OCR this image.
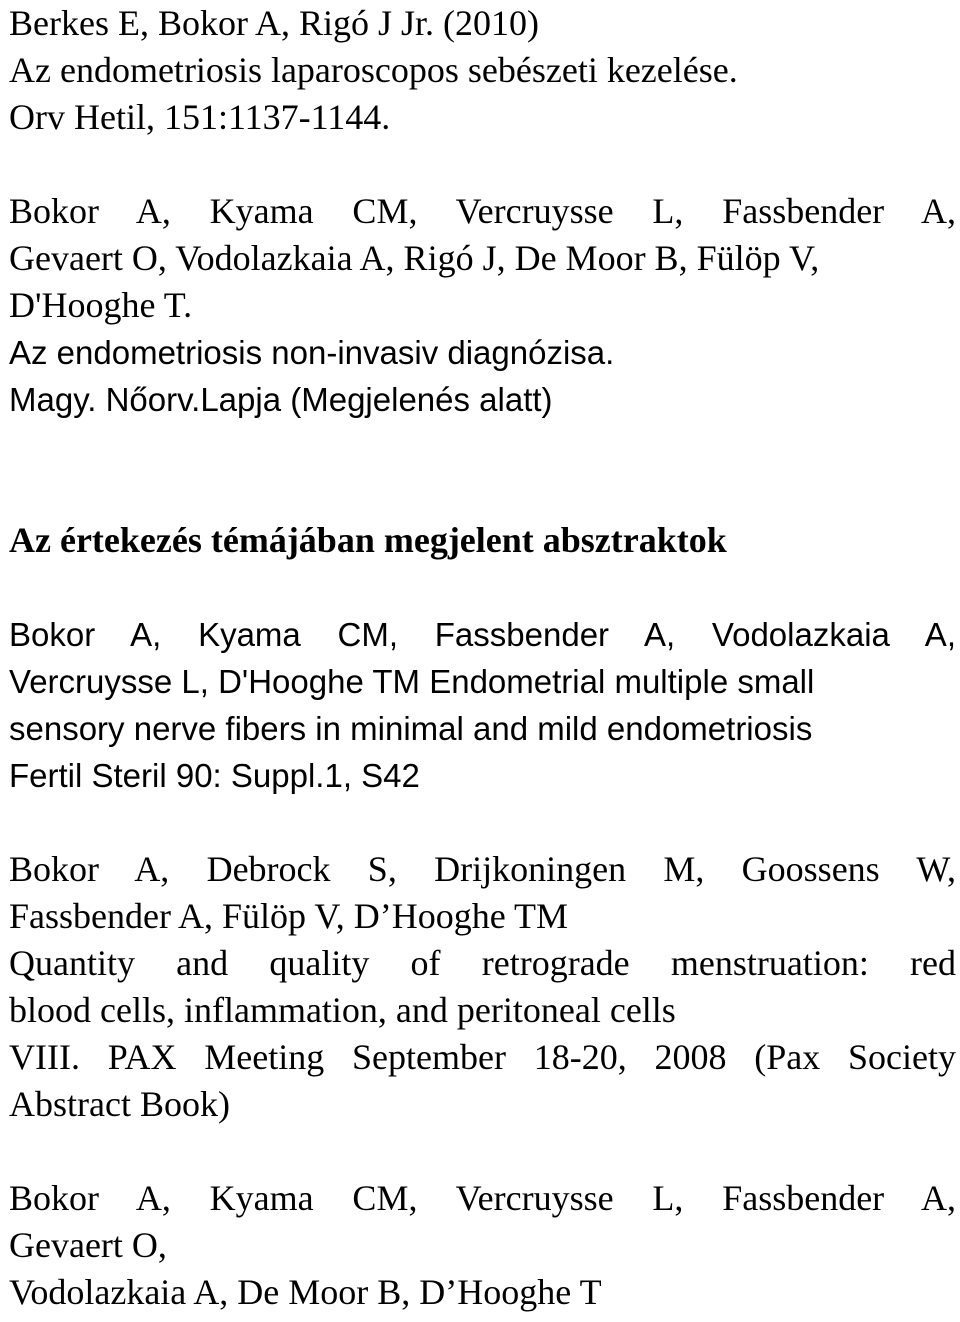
Berkes E, Bokor A, Rigó J Jr. (2010)
Az endometriosis laparoscopos sebészeti kezelése.
Orv Hetil, 151:1137-1144.
Bokor A, Kyama CM, Vercruysse L, Fassbender A,
Gevaert O, Vodolazkaia A, Rigó J, De Moor B, Fülöp V,
D'Hooghe T.
Az endometriosis non-invasiv diagnózisa.
Magy. Nőorv.Lapja (Megjelenés alatt)
Az értekezés témájában megjelent absztraktok
Bokor A, Kyama CM, Fassbender A, Vodolazkaia A,
Vercruysse L, D'Hooghe TM Endometrial multiple small
sensory nerve fibers in minimal and mild endometriosis
Fertil Steril 90: Suppl.1, S42
Bokor A, Debrock S, Drijkoningen M, Goossens W,
Fassbender A, Fülöp V, D’Hooghe TM
Quantity and quality of retrograde menstruation: red
blood cells, inflammation, and peritoneal cells
VIII. PAX Meeting September 18-20, 2008 (Pax Society
Abstract Book)
Bokor A, Kyama CM, Vercruysse L, Fassbender A,
Gevaert O,
Vodolazkaia A, De Moor B, D’Hooghe T
